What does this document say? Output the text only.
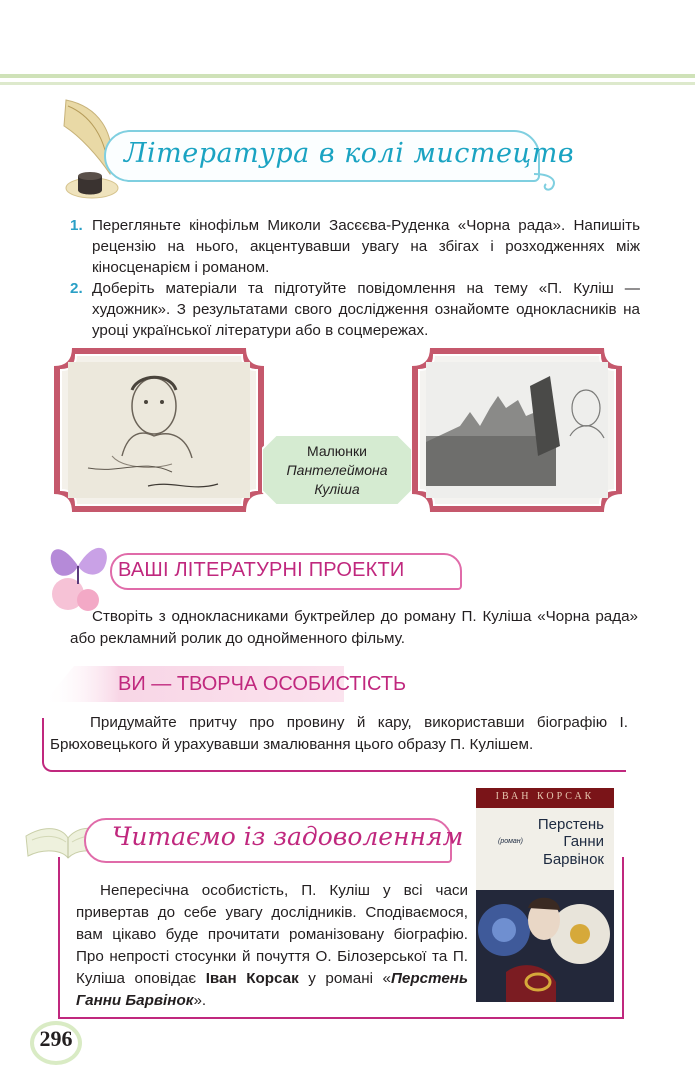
Література в колі мистецтв
1. Перегляньте кінофільм Миколи Засєєва-Руденка «Чорна рада». Напишіть рецензію на нього, акцентувавши увагу на збігах і розходженнях між кіносценарієм і романом.
2. Доберіть матеріали та підготуйте повідомлення на тему «П. Куліш — художник». З результатами свого дослідження ознайомте однокласників на уроці української літератури або в соцмережах.
Малюнки
Пантелеймона
Куліша
ВАШІ ЛІТЕРАТУРНІ ПРОЕКТИ
Створіть з однокласниками буктрейлер до роману П. Куліша «Чорна рада» або рекламний ролик до однойменного фільму.
ВИ — ТВОРЧА ОСОБИСТІСТЬ
Придумайте притчу про провину й кару, використавши біографію І. Брюховецького й урахувавши змалювання цього образу П. Кулішем.
Читаємо із задоволенням
Непересічна особистість, П. Куліш у всі часи привертав до себе увагу дослідників. Сподіваємося, вам цікаво буде прочитати романізовану біографію. Про непрості стосунки й почуття О. Білозерської та П. Куліша оповідає Іван Корсак у романі «Перстень Ганни Барвінок».
ІВАН КОРСАК
Перстень
(роман)	Ганни
Барвінок
296
